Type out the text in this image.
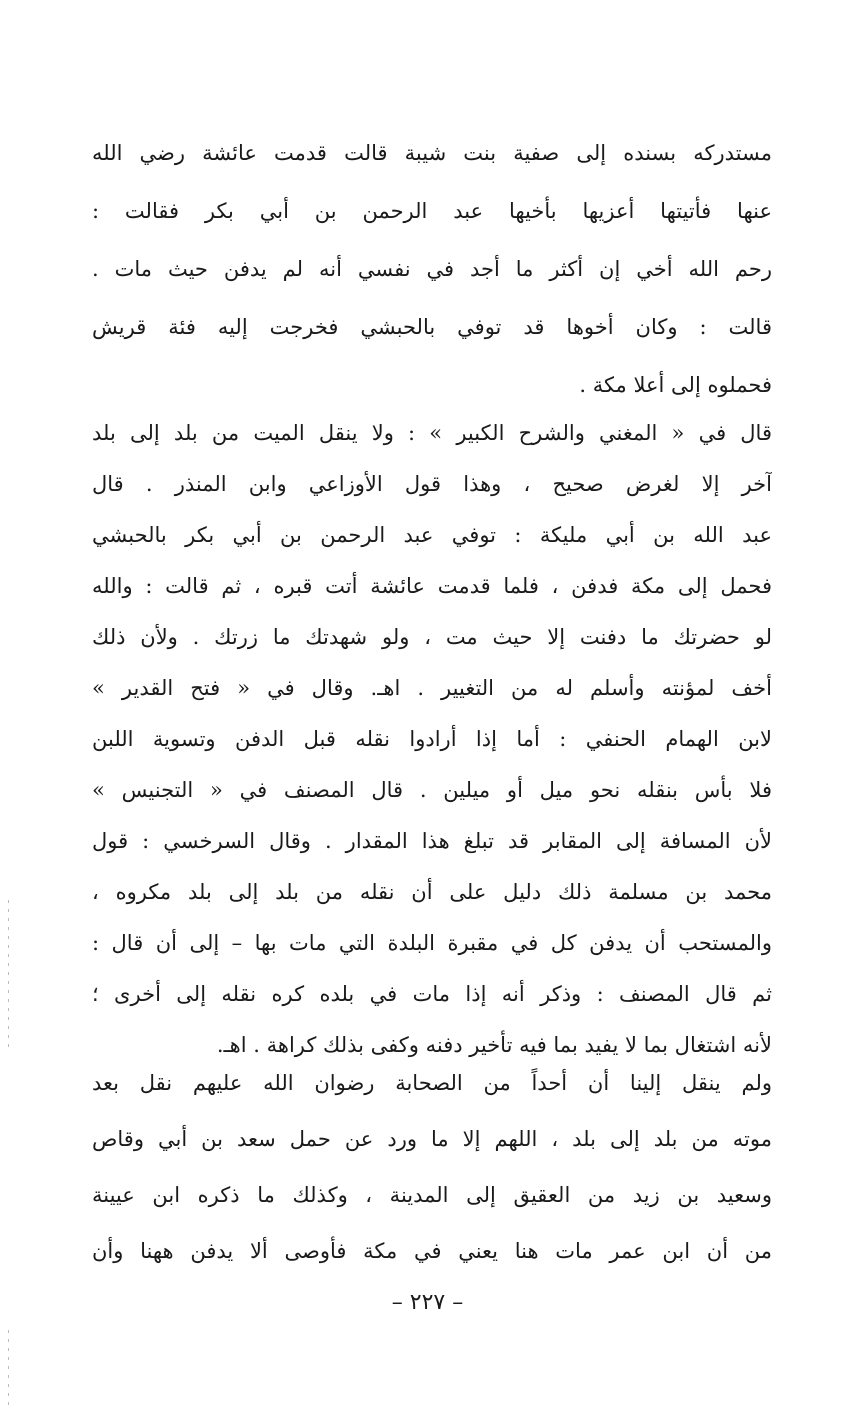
مستدركه بسنده إلى صفية بنت شيبة قالت قدمت عائشة رضي الله
عنها فأتيتها أعزيها بأخيها عبد الرحمن بن أبي بكر فقالت :
رحم الله أخي إن أكثر ما أجد في نفسي أنه لم يدفن حيث مات .
قالت : وكان أخوها قد توفي بالحبشي فخرجت إليه فئة قريش
فحملوه إلى أعلا مكة .
قال في « المغني والشرح الكبير » : ولا ينقل الميت من بلد إلى بلد
آخر إلا لغرض صحيح ، وهذا قول الأوزاعي وابن المنذر . قال
عبد الله بن أبي مليكة : توفي عبد الرحمن بن أبي بكر بالحبشي
فحمل إلى مكة فدفن ، فلما قدمت عائشة أتت قبره ، ثم قالت : والله
لو حضرتك ما دفنت إلا حيث مت ، ولو شهدتك ما زرتك . ولأن ذلك
أخف لمؤنته وأسلم له من التغيير . اهـ. وقال في « فتح القدير »
لابن الهمام الحنفي : أما إذا أرادوا نقله قبل الدفن وتسوية اللبن
فلا بأس بنقله نحو ميل أو ميلين . قال المصنف في « التجنيس »
لأن المسافة إلى المقابر قد تبلغ هذا المقدار . وقال السرخسي : قول
محمد بن مسلمة ذلك دليل على أن نقله من بلد إلى بلد مكروه ،
والمستحب أن يدفن كل في مقبرة البلدة التي مات بها – إلى أن قال :
ثم قال المصنف : وذكر أنه إذا مات في بلده كره نقله إلى أخرى ؛
لأنه اشتغال بما لا يفيد بما فيه تأخير دفنه وكفى بذلك كراهة . اهـ.
ولم ينقل إلينا أن أحداً من الصحابة رضوان الله عليهم نقل بعد
موته من بلد إلى بلد ، اللهم إلا ما ورد عن حمل سعد بن أبي وقاص
وسعيد بن زيد من العقيق إلى المدينة ، وكذلك ما ذكره ابن عيينة
من أن ابن عمر مات هنا يعني في مكة فأوصى ألا يدفن ههنا وأن
– ٢٢٧ –
